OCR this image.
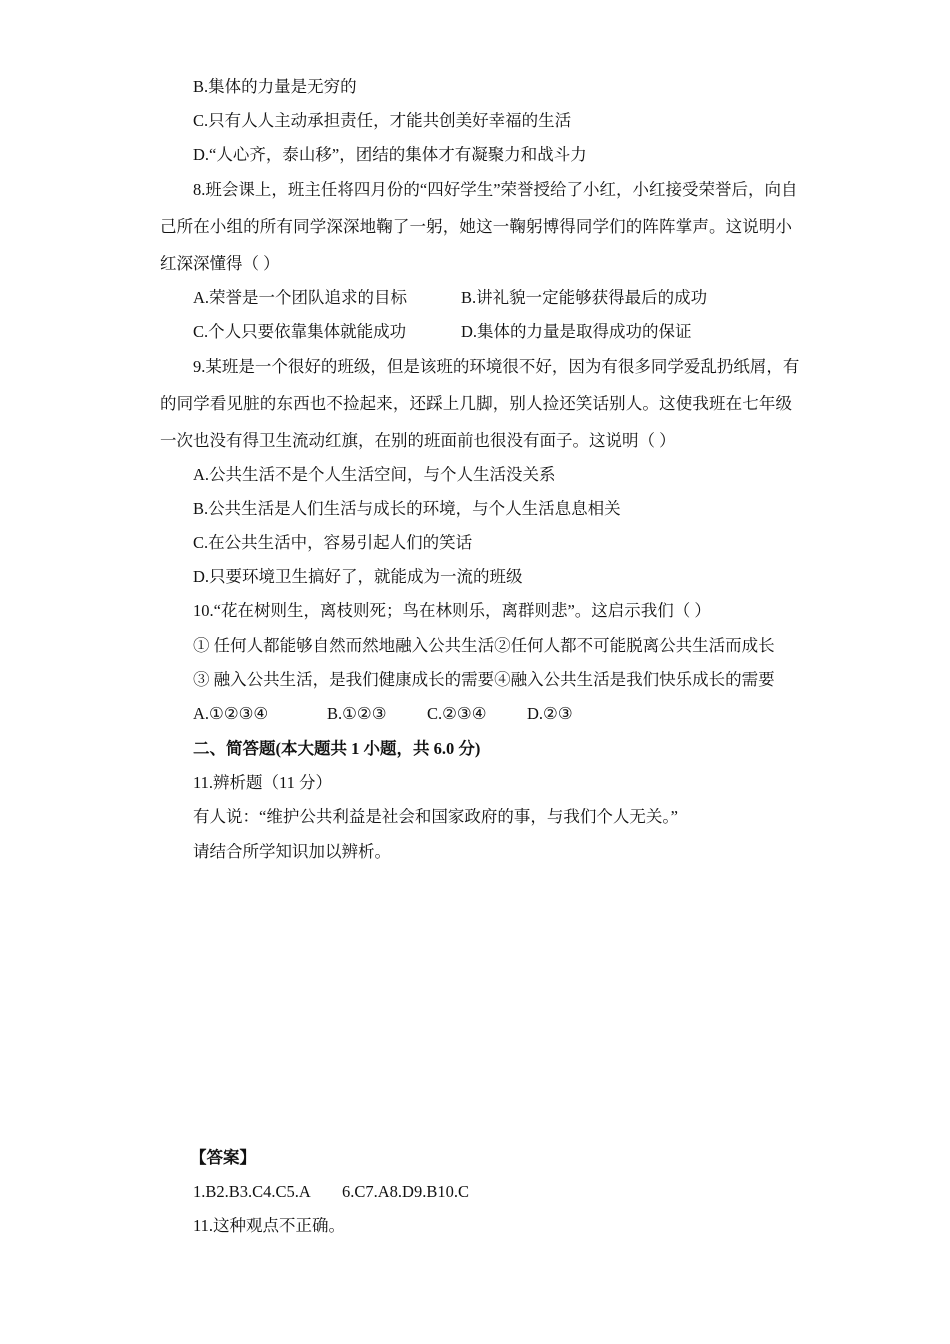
B.集体的力量是无穷的
C.只有人人主动承担责任，才能共创美好幸福的生活
D.“人心齐，泰山移”，团结的集体才有凝聚力和战斗力
8.班会课上，班主任将四月份的“四好学生”荣誉授给了小红，小红接受荣誉后，向自
己所在小组的所有同学深深地鞠了一躬，她这一鞠躬博得同学们的阵阵掌声。这说明小
红深深懂得（ ）
A.荣誉是一个团队追求的目标	B.讲礼貌一定能够获得最后的成功
C.个人只要依靠集体就能成功	D.集体的力量是取得成功的保证
9.某班是一个很好的班级，但是该班的环境很不好，因为有很多同学爱乱扔纸屑，有
的同学看见脏的东西也不捡起来，还踩上几脚，别人捡还笑话别人。这使我班在七年级
一次也没有得卫生流动红旗，在别的班面前也很没有面子。这说明（ ）
A.公共生活不是个人生活空间，与个人生活没关系
B.公共生活是人们生活与成长的环境，与个人生活息息相关
C.在公共生活中，容易引起人们的笑话
D.只要环境卫生搞好了，就能成为一流的班级
10.“花在树则生，离枝则死；鸟在林则乐，离群则悲”。这启示我们（ ）
① 任何人都能够自然而然地融入公共生活②任何人都不可能脱离公共生活而成长
③ 融入公共生活，是我们健康成长的需要④融入公共生活是我们快乐成长的需要
A.①②③④	B.①②③ C.②③④ D.②③
二、简答题(本大题共 1 小题，共 6.0 分)
11.辨析题（11 分）
有人说：“维护公共利益是社会和国家政府的事，与我们个人无关。”
请结合所学知识加以辨析。
【答案】
1.B2.B3.C4.C5.A 6.C7.A8.D9.B10.C
11.这种观点不正确。
